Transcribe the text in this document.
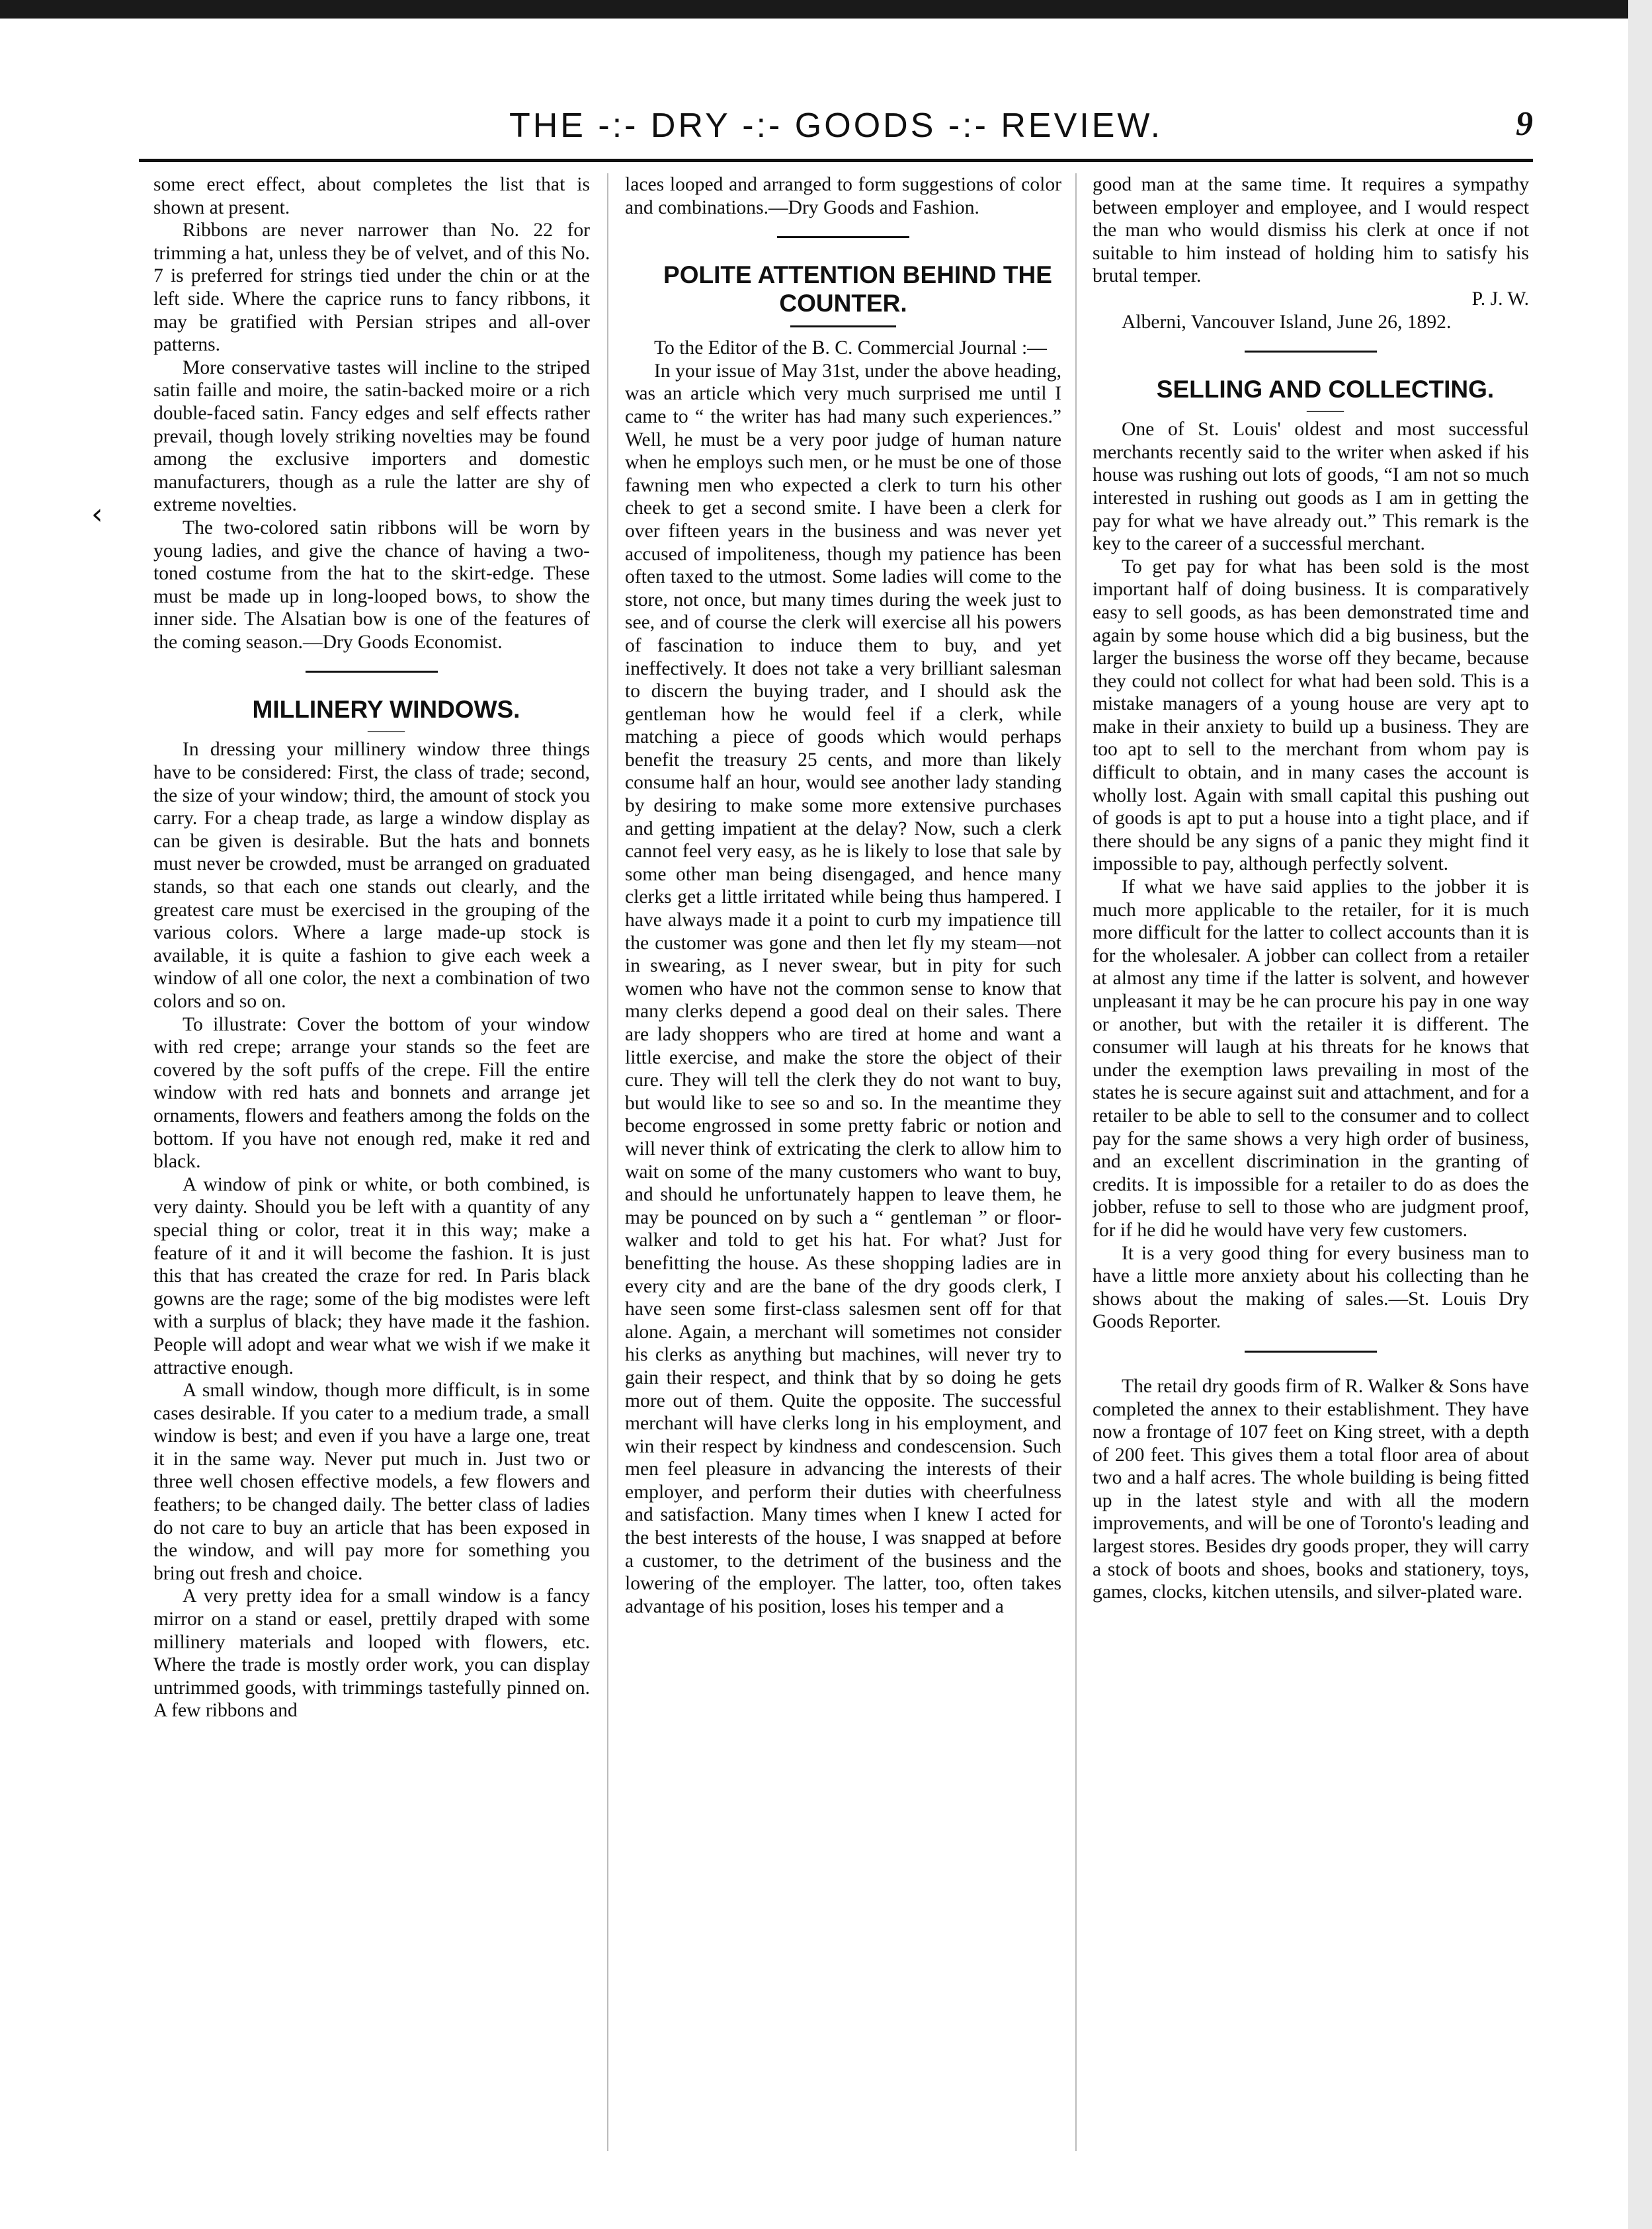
THE -:- DRY -:- GOODS -:- REVIEW.	9
‹

some erect effect, about completes the list that is shown at present.

Ribbons are never narrower than No. 22 for trimming a hat, unless they be of velvet, and of this No. 7 is preferred for strings tied under the chin or at the left side. Where the caprice runs to fancy ribbons, it may be gratified with Persian stripes and all-over patterns.

More conservative tastes will incline to the striped satin faille and moire, the satin-backed moire or a rich double-faced satin. Fancy edges and self effects rather prevail, though lovely striking novelties may be found among the exclusive importers and domestic manufacturers, though as a rule the latter are shy of extreme novelties.

The two-colored satin ribbons will be worn by young ladies, and give the chance of having a two-toned costume from the hat to the skirt-edge. These must be made up in long-looped bows, to show the inner side. The Alsatian bow is one of the features of the coming season.—Dry Goods Economist.

MILLINERY WINDOWS.

——

In dressing your millinery window three things have to be considered: First, the class of trade; second, the size of your window; third, the amount of stock you carry. For a cheap trade, as large a window display as can be given is desirable. But the hats and bonnets must never be crowded, must be arranged on graduated stands, so that each one stands out clearly, and the greatest care must be exercised in the grouping of the various colors. Where a large made-up stock is available, it is quite a fashion to give each week a window of all one color, the next a combination of two colors and so on.

To illustrate: Cover the bottom of your window with red crepe; arrange your stands so the feet are covered by the soft puffs of the crepe. Fill the entire window with red hats and bonnets and arrange jet ornaments, flowers and feathers among the folds on the bottom. If you have not enough red, make it red and black.

A window of pink or white, or both combined, is very dainty. Should you be left with a quantity of any special thing or color, treat it in this way; make a feature of it and it will become the fashion. It is just this that has created the craze for red. In Paris black gowns are the rage; some of the big modistes were left with a surplus of black; they have made it the fashion. People will adopt and wear what we wish if we make it attractive enough.

A small window, though more difficult, is in some cases desirable. If you cater to a medium trade, a small window is best; and even if you have a large one, treat it in the same way. Never put much in. Just two or three well chosen effective models, a few flowers and feathers; to be changed daily. The better class of ladies do not care to buy an article that has been exposed in the window, and will pay more for something you bring out fresh and choice.

A very pretty idea for a small window is a fancy mirror on a stand or easel, prettily draped with some millinery materials and looped with flowers, etc. Where the trade is mostly order work, you can display untrimmed goods, with trimmings tastefully pinned on. A few ribbons and

laces looped and arranged to form suggestions of color and combinations.—Dry Goods and Fashion.

POLITE ATTENTION BEHIND THE COUNTER.

To the Editor of the B. C. Commercial Journal :—

In your issue of May 31st, under the above heading, was an article which very much surprised me until I came to “ the writer has had many such experiences.” Well, he must be a very poor judge of human nature when he employs such men, or he must be one of those fawning men who expected a clerk to turn his other cheek to get a second smite. I have been a clerk for over fifteen years in the business and was never yet accused of impoliteness, though my patience has been often taxed to the utmost. Some ladies will come to the store, not once, but many times during the week just to see, and of course the clerk will exercise all his powers of fascination to induce them to buy, and yet ineffectively. It does not take a very brilliant salesman to discern the buying trader, and I should ask the gentleman how he would feel if a clerk, while matching a piece of goods which would perhaps benefit the treasury 25 cents, and more than likely consume half an hour, would see another lady standing by desiring to make some more extensive purchases and getting impatient at the delay? Now, such a clerk cannot feel very easy, as he is likely to lose that sale by some other man being disengaged, and hence many clerks get a little irritated while being thus hampered. I have always made it a point to curb my impatience till the customer was gone and then let fly my steam—not in swearing, as I never swear, but in pity for such women who have not the common sense to know that many clerks depend a good deal on their sales. There are lady shoppers who are tired at home and want a little exercise, and make the store the object of their cure. They will tell the clerk they do not want to buy, but would like to see so and so. In the meantime they become engrossed in some pretty fabric or notion and will never think of extricating the clerk to allow him to wait on some of the many customers who want to buy, and should he unfortunately happen to leave them, he may be pounced on by such a “ gentleman ” or floor-walker and told to get his hat. For what? Just for benefitting the house. As these shopping ladies are in every city and are the bane of the dry goods clerk, I have seen some first-class salesmen sent off for that alone. Again, a merchant will sometimes not consider his clerks as anything but machines, will never try to gain their respect, and think that by so doing he gets more out of them. Quite the opposite. The successful merchant will have clerks long in his employment, and win their respect by kindness and condescension. Such men feel pleasure in advancing the interests of their employer, and perform their duties with cheerfulness and satisfaction. Many times when I knew I acted for the best interests of the house, I was snapped at before a customer, to the detriment of the business and the lowering of the employer. The latter, too, often takes advantage of his position, loses his temper and a

good man at the same time. It requires a sympathy between employer and employee, and I would respect the man who would dismiss his clerk at once if not suitable to him instead of holding him to satisfy his brutal temper.

P. J. W.

Alberni, Vancouver Island, June 26, 1892.

SELLING AND COLLECTING.

——

One of St. Louis' oldest and most successful merchants recently said to the writer when asked if his house was rushing out lots of goods, “I am not so much interested in rushing out goods as I am in getting the pay for what we have already out.” This remark is the key to the career of a successful merchant.

To get pay for what has been sold is the most important half of doing business. It is comparatively easy to sell goods, as has been demonstrated time and again by some house which did a big business, but the larger the business the worse off they became, because they could not collect for what had been sold. This is a mistake managers of a young house are very apt to make in their anxiety to build up a business. They are too apt to sell to the merchant from whom pay is difficult to obtain, and in many cases the account is wholly lost. Again with small capital this pushing out of goods is apt to put a house into a tight place, and if there should be any signs of a panic they might find it impossible to pay, although perfectly solvent.

If what we have said applies to the jobber it is much more applicable to the retailer, for it is much more difficult for the latter to collect accounts than it is for the wholesaler. A jobber can collect from a retailer at almost any time if the latter is solvent, and however unpleasant it may be he can procure his pay in one way or another, but with the retailer it is different. The consumer will laugh at his threats for he knows that under the exemption laws prevailing in most of the states he is secure against suit and attachment, and for a retailer to be able to sell to the consumer and to collect pay for the same shows a very high order of business, and an excellent discrimination in the granting of credits. It is impossible for a retailer to do as does the jobber, refuse to sell to those who are judgment proof, for if he did he would have very few customers.

It is a very good thing for every business man to have a little more anxiety about his collecting than he shows about the making of sales.—St. Louis Dry Goods Reporter.

The retail dry goods firm of R. Walker & Sons have completed the annex to their establishment. They have now a frontage of 107 feet on King street, with a depth of 200 feet. This gives them a total floor area of about two and a half acres. The whole building is being fitted up in the latest style and with all the modern improvements, and will be one of Toronto's leading and largest stores. Besides dry goods proper, they will carry a stock of boots and shoes, books and stationery, toys, games, clocks, kitchen utensils, and silver-plated ware.
